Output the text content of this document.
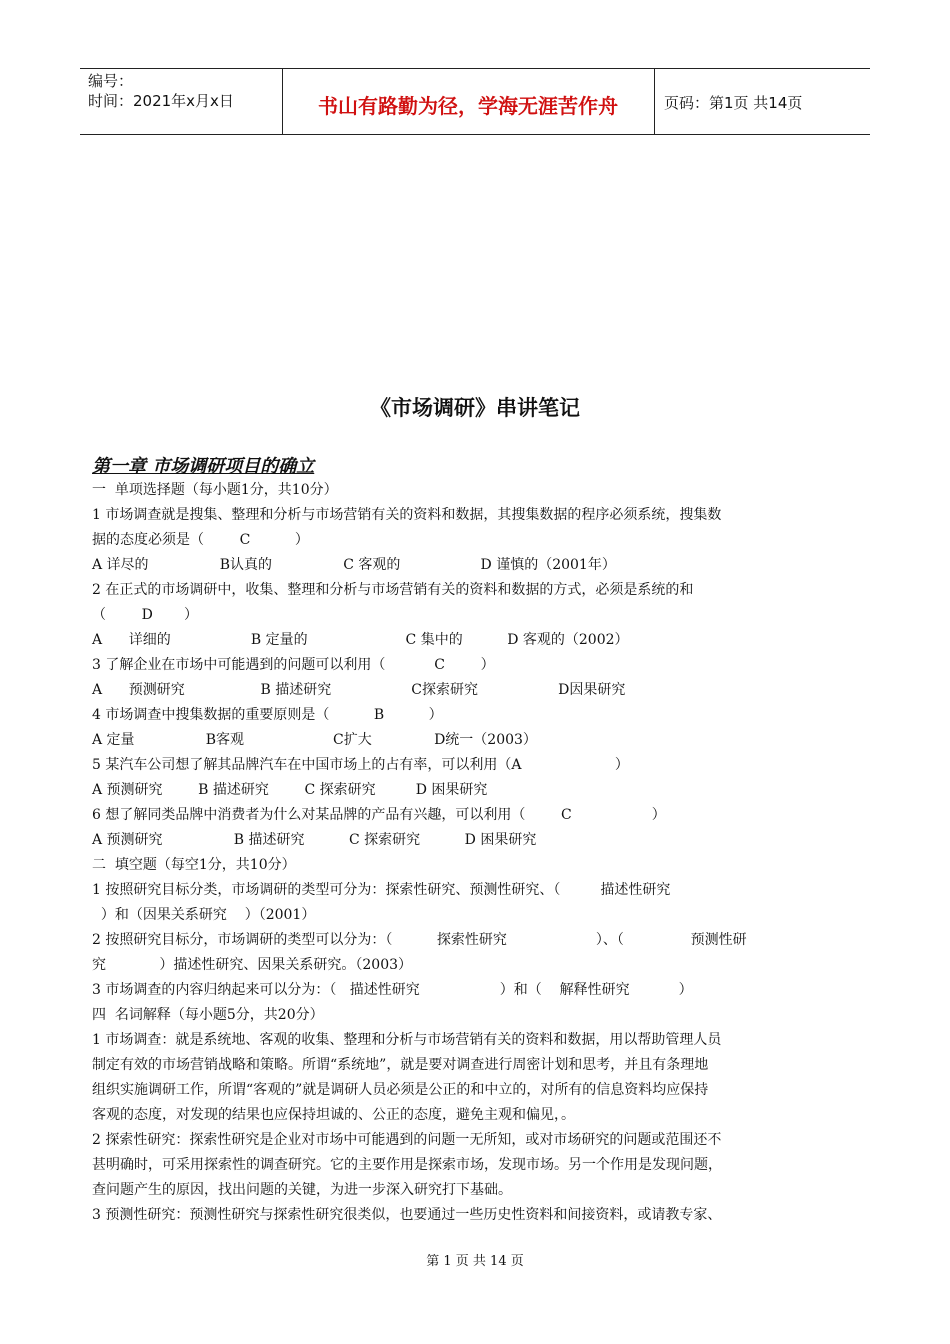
编号：
时间：2021年x月x日	书山有路勤为径，学海无涯苦作舟	页码：第1页 共14页
《市场调研》串讲笔记
第一章 市场调研项目的确立
一  单项选择题（每小题1分，共10分）
1 市场调查就是搜集、整理和分析与市场营销有关的资料和数据，其搜集数据的程序必须系统，搜集数
据的态度必须是（        C          ）
A 详尽的                B认真的                C 客观的                  D 谨慎的（2001年）
2 在正式的市场调研中，收集、整理和分析与市场营销有关的资料和数据的方式，必须是系统的和
（        D       ）
A      详细的                  B 定量的                      C 集中的          D 客观的（2002）
3 了解企业在市场中可能遇到的问题可以利用（           C        ）
A      预测研究                 B 描述研究                  C探索研究                  D因果研究
4 市场调查中搜集数据的重要原则是（          B          ）
A 定量                B客观                    C扩大              D统一（2003）
5 某汽车公司想了解其品牌汽车在中国市场上的占有率，可以利用（A                     ）
A 预测研究        B 描述研究        C 探索研究         D 困果研究
6 想了解同类品牌中消费者为什么对某品牌的产品有兴趣，可以利用（        C                  ）
A 预测研究                B 描述研究          C 探索研究          D 困果研究
二  填空题（每空1分，共10分）
1 按照研究目标分类，市场调研的类型可分为：探索性研究、预测性研究、（         描述性研究
）和（因果关系研究    ）（2001）
2 按照研究目标分，市场调研的类型可以分为：（          探索性研究                    ）、（               预测性研
究            ）描述性研究、因果关系研究。（2003）
3 市场调查的内容归纳起来可以分为：（   描述性研究                  ）和（    解释性研究           ）
四  名词解释（每小题5分，共20分）
1 市场调查：就是系统地、客观的收集、整理和分析与市场营销有关的资料和数据，用以帮助管理人员
制定有效的市场营销战略和策略。所谓“系统地”，就是要对调查进行周密计划和思考，并且有条理地
组织实施调研工作，所谓“客观的”就是调研人员必须是公正的和中立的，对所有的信息资料均应保持
客观的态度，对发现的结果也应保持坦诚的、公正的态度，避免主观和偏见，。
2 探索性研究：探索性研究是企业对市场中可能遇到的问题一无所知，或对市场研究的问题或范围还不
甚明确时，可采用探索性的调查研究。它的主要作用是探索市场，发现市场。另一个作用是发现问题，
查问题产生的原因，找出问题的关键，为进一步深入研究打下基础。
3 预测性研究：预测性研究与探索性研究很类似，也要通过一些历史性资料和间接资料，或请教专家、
第 1 页 共 14 页
